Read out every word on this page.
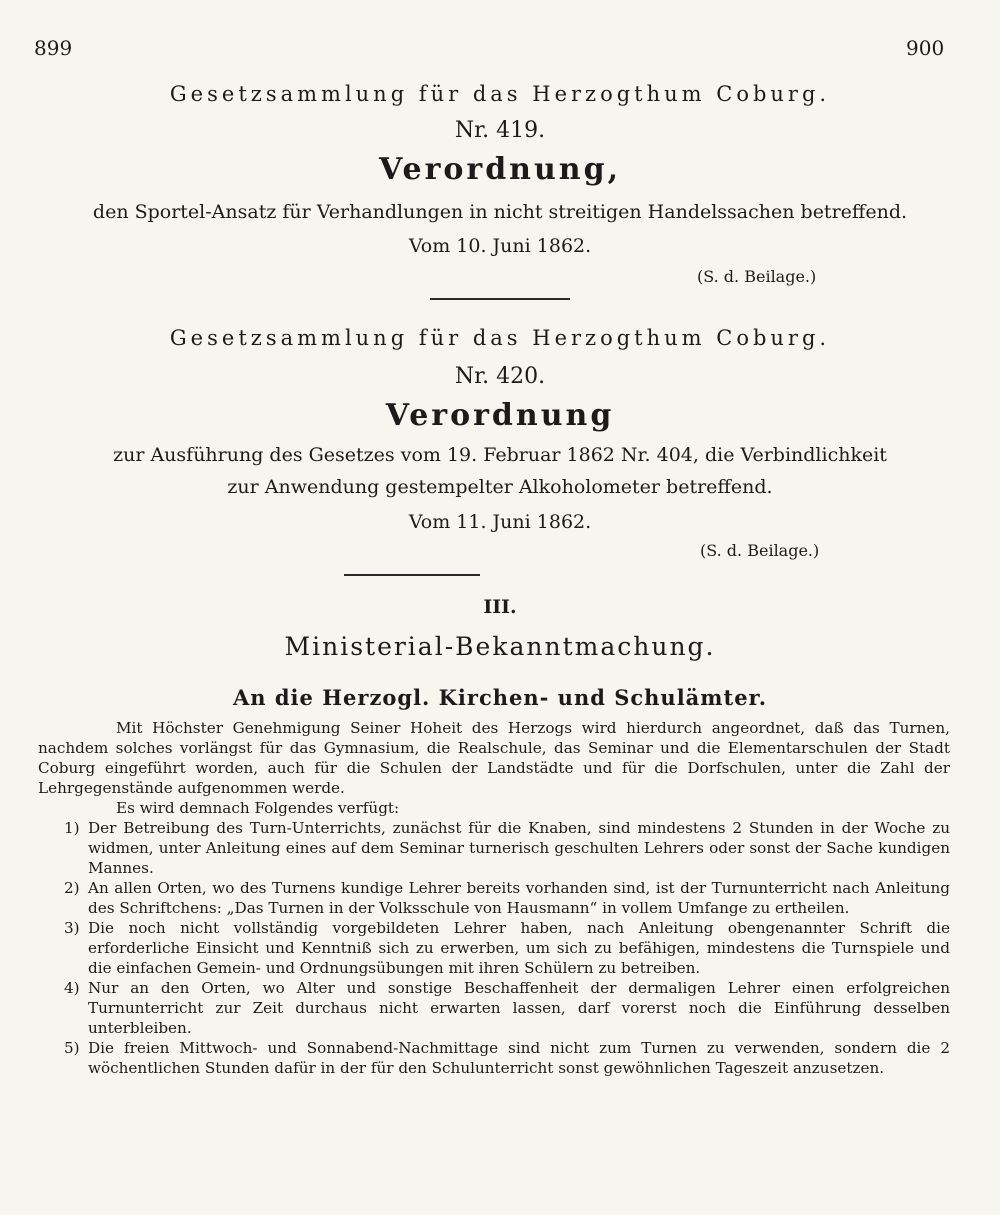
899	900
Gesetzsammlung für das Herzogthum Coburg.
Nr. 419.
Verordnung,
den Sportel-Ansatz für Verhandlungen in nicht streitigen Handelssachen betreffend.
Vom 10. Juni 1862.
(S. d. Beilage.)
Gesetzsammlung für das Herzogthum Coburg.
Nr. 420.
Verordnung
zur Ausführung des Gesetzes vom 19. Februar 1862 Nr. 404, die Verbindlichkeit
zur Anwendung gestempelter Alkoholometer betreffend.
Vom 11. Juni 1862.
(S. d. Beilage.)
III.
Ministerial-Bekanntmachung.
An die Herzogl. Kirchen- und Schulämter.

Mit Höchster Genehmigung Seiner Hoheit des Herzogs wird hierdurch angeordnet, daß das Turnen, nachdem solches vorlängst für das Gymnasium, die Realschule, das Seminar und die Elementarschulen der Stadt Coburg eingeführt worden, auch für die Schulen der Landstädte und für die Dorfschulen, unter die Zahl der Lehrgegenstände aufgenommen werde.

Es wird demnach Folgendes verfügt:

1) Der Betreibung des Turn-Unterrichts, zunächst für die Knaben, sind mindestens 2 Stunden in der Woche zu widmen, unter Anleitung eines auf dem Seminar turnerisch geschulten Lehrers oder sonst der Sache kundigen Mannes.
2) An allen Orten, wo des Turnens kundige Lehrer bereits vorhanden sind, ist der Turnunterricht nach Anleitung des Schriftchens: „Das Turnen in der Volksschule von Hausmann“ in vollem Umfange zu ertheilen.
3) Die noch nicht vollständig vorgebildeten Lehrer haben, nach Anleitung obengenannter Schrift die erforderliche Einsicht und Kenntniß sich zu erwerben, um sich zu befähigen, mindestens die Turnspiele und die einfachen Gemein- und Ordnungsübungen mit ihren Schülern zu betreiben.
4) Nur an den Orten, wo Alter und sonstige Beschaffenheit der dermaligen Lehrer einen erfolgreichen Turnunterricht zur Zeit durchaus nicht erwarten lassen, darf vorerst noch die Einführung desselben unterbleiben.
5) Die freien Mittwoch- und Sonnabend-Nachmittage sind nicht zum Turnen zu verwenden, sondern die 2 wöchentlichen Stunden dafür in der für den Schulunterricht sonst gewöhnlichen Tageszeit anzusetzen.
